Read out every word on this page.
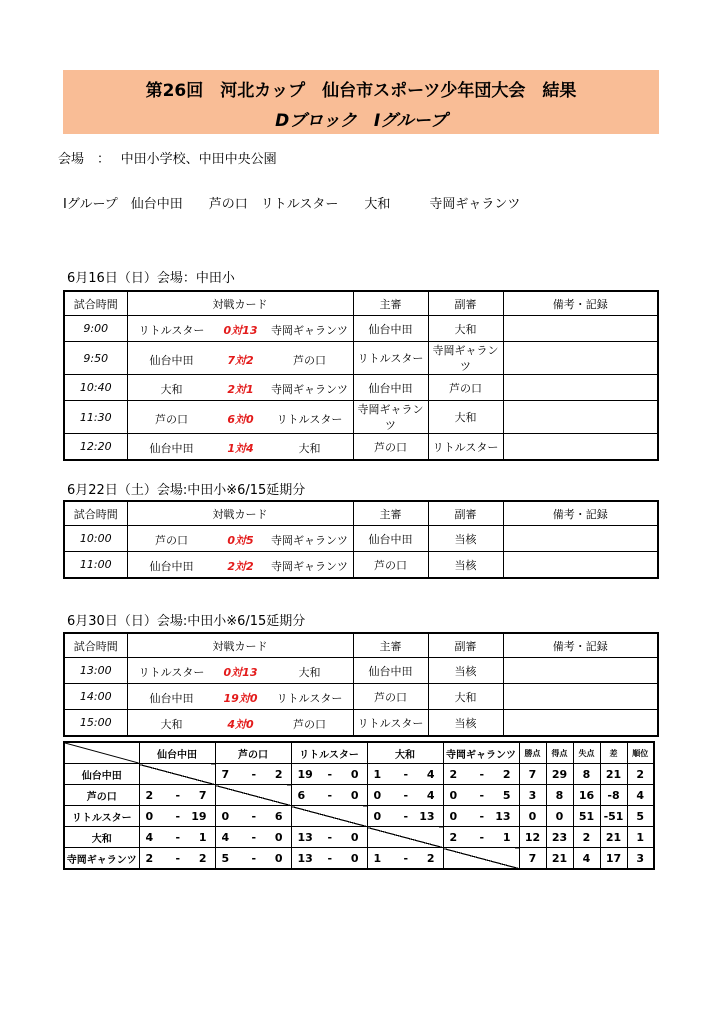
第26回　河北カップ　仙台市スポーツ少年団大会　結果
Dブロック　Iグループ
会場　：　 中田小学校、中田中央公園
Iグループ　仙台中田　　芦の口　リトルスター　　大和　　　寺岡ギャランツ
6月16日（日）会場：中田小
試合時間	対戦カード	主審	副審	備考・記録
9:00	リトルスター 0対13 寺岡ギャランツ	仙台中田	大和	
9:50	仙台中田 7対2 芦の口	リトルスター	寺岡ギャランツ	
10:40	大和 2対1 寺岡ギャランツ	仙台中田	芦の口	
11:30	芦の口 6対0 リトルスター	寺岡ギャランツ	大和	
12:20	仙台中田 1対4 大和	芦の口	リトルスター	
6月22日（土）会場:中田小※6/15延期分
試合時間	対戦カード	主審	副審	備考・記録
10:00	芦の口 0対5 寺岡ギャランツ	仙台中田	当核	
11:00	仙台中田 2対2 寺岡ギャランツ	芦の口	当核	
6月30日（日）会場:中田小※6/15延期分
試合時間	対戦カード	主審	副審	備考・記録
13:00	リトルスター 0対13 大和	仙台中田	当核	
14:00	仙台中田 19対0 リトルスター	芦の口	大和	
15:00	大和 4対0 芦の口	リトルスター	当核	
	仙台中田	芦の口	リトルスター	大和	寺岡ギャランツ	勝点	得点	失点	差	順位
仙台中田		7 - 2	19 - 0	1 - 4	2 - 2	7	29	8	21	2
芦の口	2 - 7		6 - 0	0 - 4	0 - 5	3	8	16	-8	4
リトルスター	0 - 19	0 - 6		0 - 13	0 - 13	0	0	51	-51	5
大和	4 - 1	4 - 0	13 - 0		2 - 1	12	23	2	21	1
寺岡ギャランツ	2 - 2	5 - 0	13 - 0	1 - 2		7	21	4	17	3
